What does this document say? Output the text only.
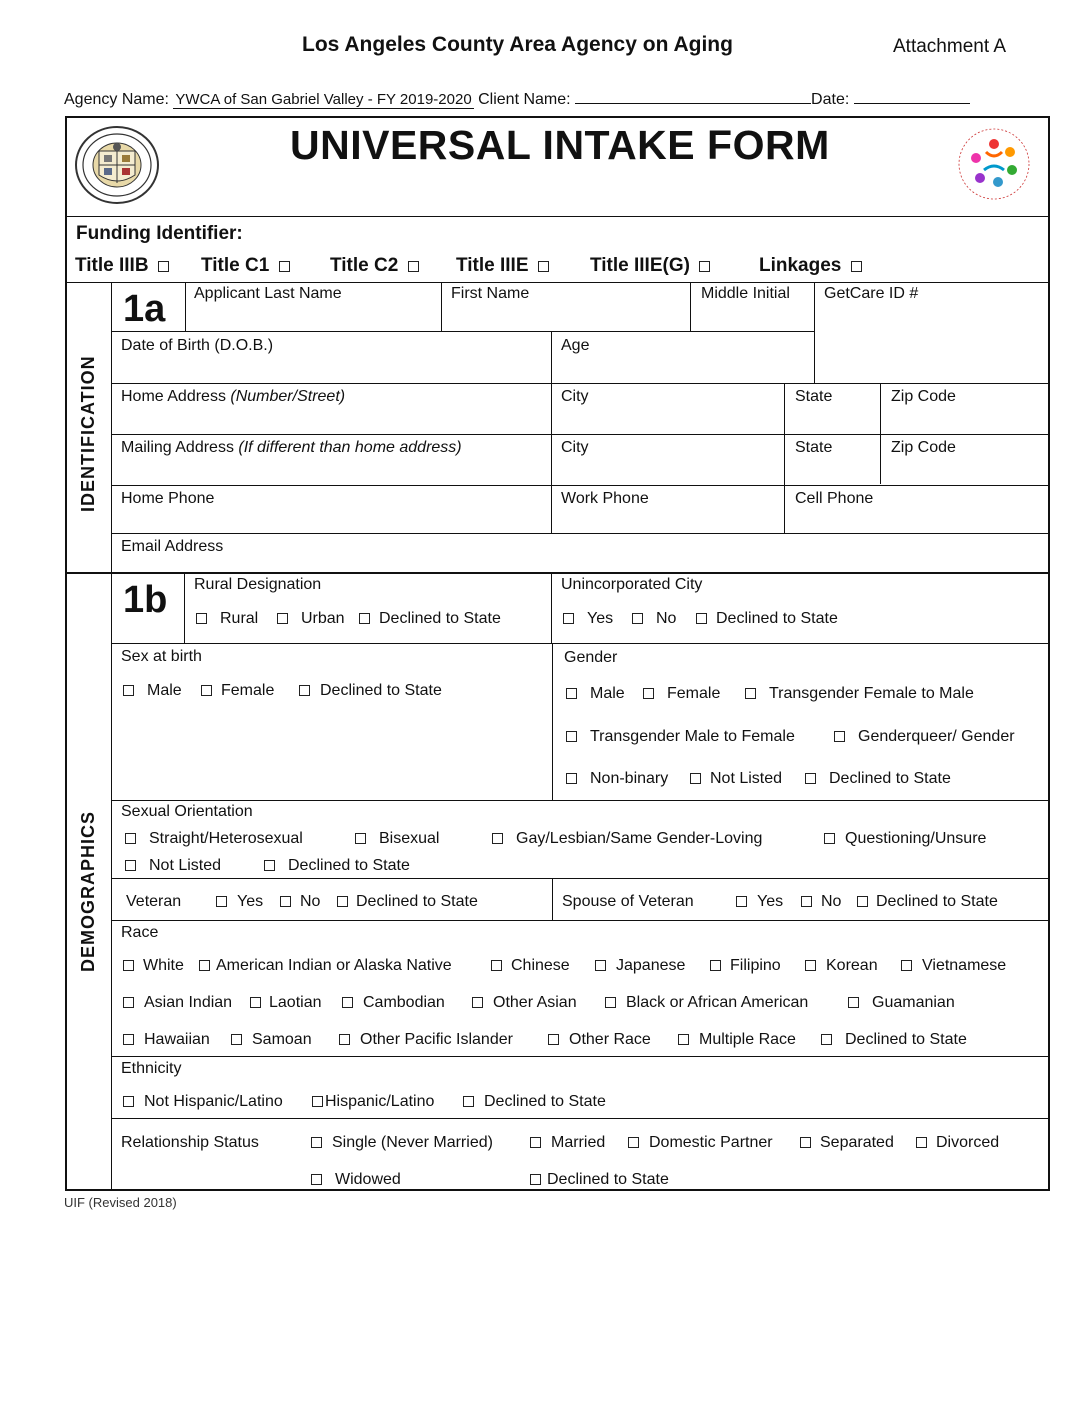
Los Angeles County Area Agency on Aging	Attachment A
Agency Name: YWCA of San Gabriel Valley - FY 2019-2020 Client Name:	Date:
UNIVERSAL INTAKE FORM
Funding Identifier:
Title IIIB	Title C1	Title C2	Title IIIE	Title IIIE(G)	Linkages
IDENTIFICATION
1a Applicant Last Name	First Name	Middle Initial GetCare ID #
Date of Birth (D.O.B.)	Age
Home Address (Number/Street)	City	State	Zip Code
Mailing Address (If different than home address)	City	State	Zip Code
Home Phone	Work Phone	Cell Phone
Email Address
DEMOGRAPHICS
1b Rural Designation
Rural	Urban	Declined to State
Unincorporated City
Yes	No	Declined to State
Sex at birth
Male	Female	Declined to State
Gender
Male	Female	Transgender Female to Male
Transgender Male to Female	Genderqueer/ Gender
Non-binary	Not Listed	Declined to State
Sexual Orientation
Straight/Heterosexual	Bisexual	Gay/Lesbian/Same Gender-Loving	Questioning/Unsure
Not Listed	Declined to State
Veteran	Yes	No	Declined to State	Spouse of Veteran	Yes	No	Declined to State
Race
White	American Indian or Alaska Native	Chinese	Japanese	Filipino	Korean	Vietnamese
Asian Indian	Laotian	Cambodian	Other Asian	Black or African American	Guamanian
Hawaiian	Samoan	Other Pacific Islander	Other Race	Multiple Race	Declined to State
Ethnicity
Not Hispanic/Latino	Hispanic/Latino	Declined to State
Relationship Status	Single (Never Married)	Married	Domestic Partner	Separated	Divorced
Widowed	Declined to State
UIF (Revised 2018)
